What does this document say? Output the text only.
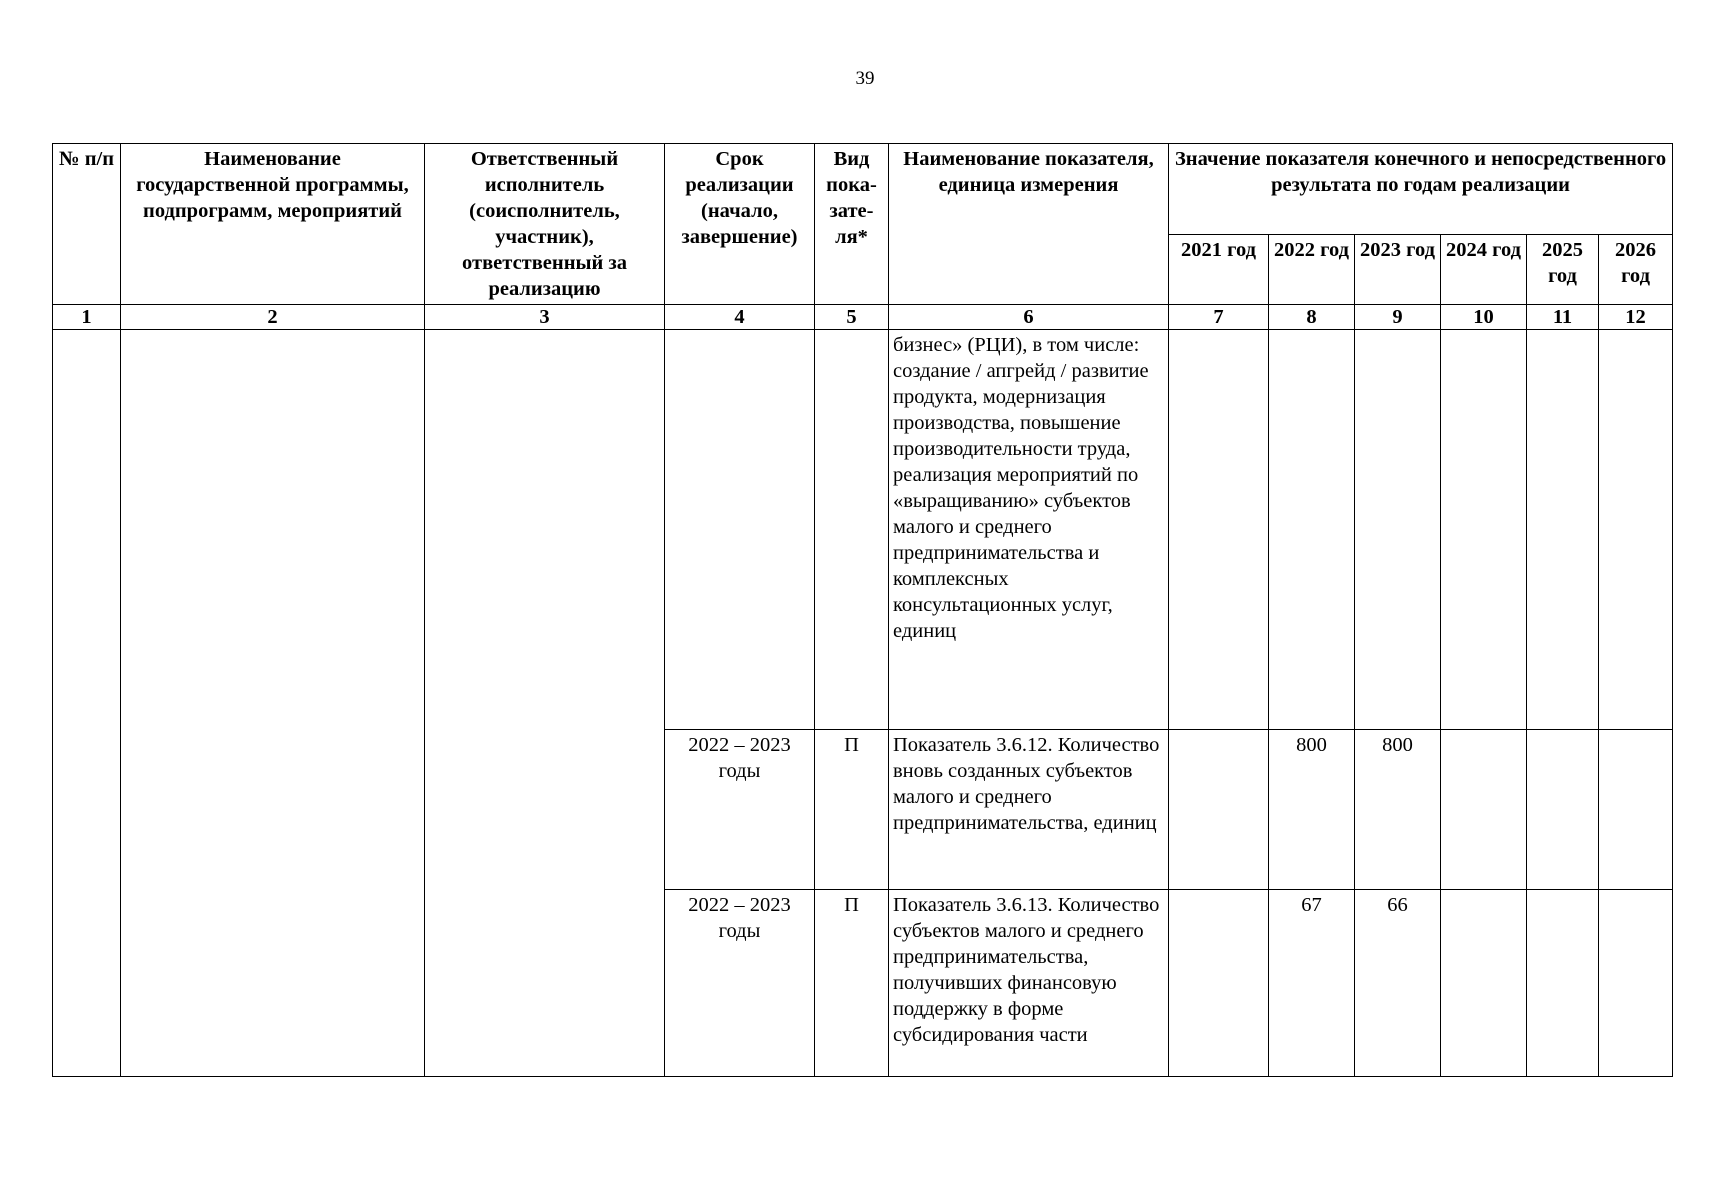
39
№ п/п	Наименование государственной программы, подпрограмм, мероприятий	Ответственный исполнитель (соисполнитель, участник), ответственный за реализацию	Срок реализации (начало, завершение)	Вид пока-зате-ля*	Наименование показателя, единица измерения	Значение показателя конечного и непосредственного результата по годам реализации					
						2021 год	2022 год	2023 год	2024 год	2025 год	2026 год
1	2	3	4	5	6	7	8	9	10	11	12
					бизнес» (РЦИ), в том числе: создание / апгрейд / развитие продукта, модернизация производства, повышение производительности труда, реализация мероприятий по «выращиванию» субъектов малого и среднего предпринимательства и комплексных консультационных услуг, единиц						
			2022 – 2023 годы	П	Показатель 3.6.12. Количество вновь созданных субъектов малого и среднего предпринимательства, единиц		800	800			
			2022 – 2023 годы	П	Показатель 3.6.13. Количество субъектов малого и среднего предпринимательства, получивших финансовую поддержку в форме субсидирования части		67	66			
